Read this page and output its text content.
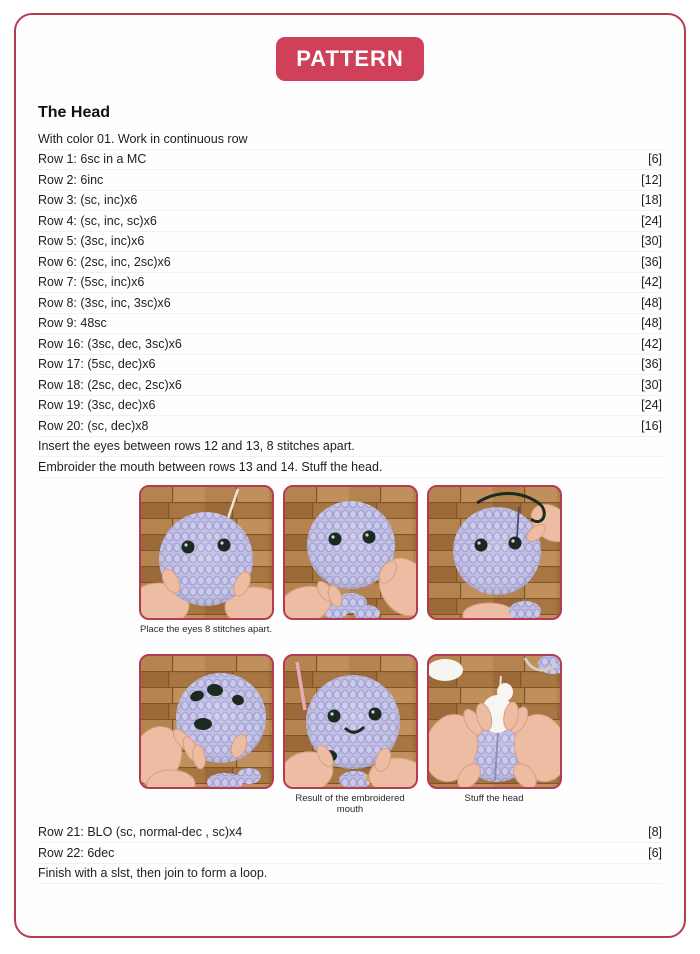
PATTERN
The Head
With color 01. Work in continuous row
Row 1: 6sc in a MC	[6]
Row 2: 6inc	[12]
Row 3: (sc, inc)x6	[18]
Row 4: (sc, inc, sc)x6	[24]
Row 5: (3sc, inc)x6	[30]
Row 6: (2sc, inc, 2sc)x6	[36]
Row 7: (5sc, inc)x6	[42]
Row 8: (3sc, inc, 3sc)x6	[48]
Row 9: 48sc	[48]
Row 16: (3sc, dec, 3sc)x6	[42]
Row 17: (5sc, dec)x6	[36]
Row 18: (2sc, dec, 2sc)x6	[30]
Row 19: (3sc, dec)x6	[24]
Row 20: (sc, dec)x8	[16]
Insert the eyes between rows 12 and 13, 8 stitches apart.
Embroider the mouth between rows 13 and 14. Stuff the head.
Place the eyes 8 stitches apart.
Result of the embroidered mouth
Stuff the head
Row 21: BLO (sc, normal-dec , sc)x4	[8]
Row 22: 6dec	[6]
Finish with a slst, then join to form a loop.
